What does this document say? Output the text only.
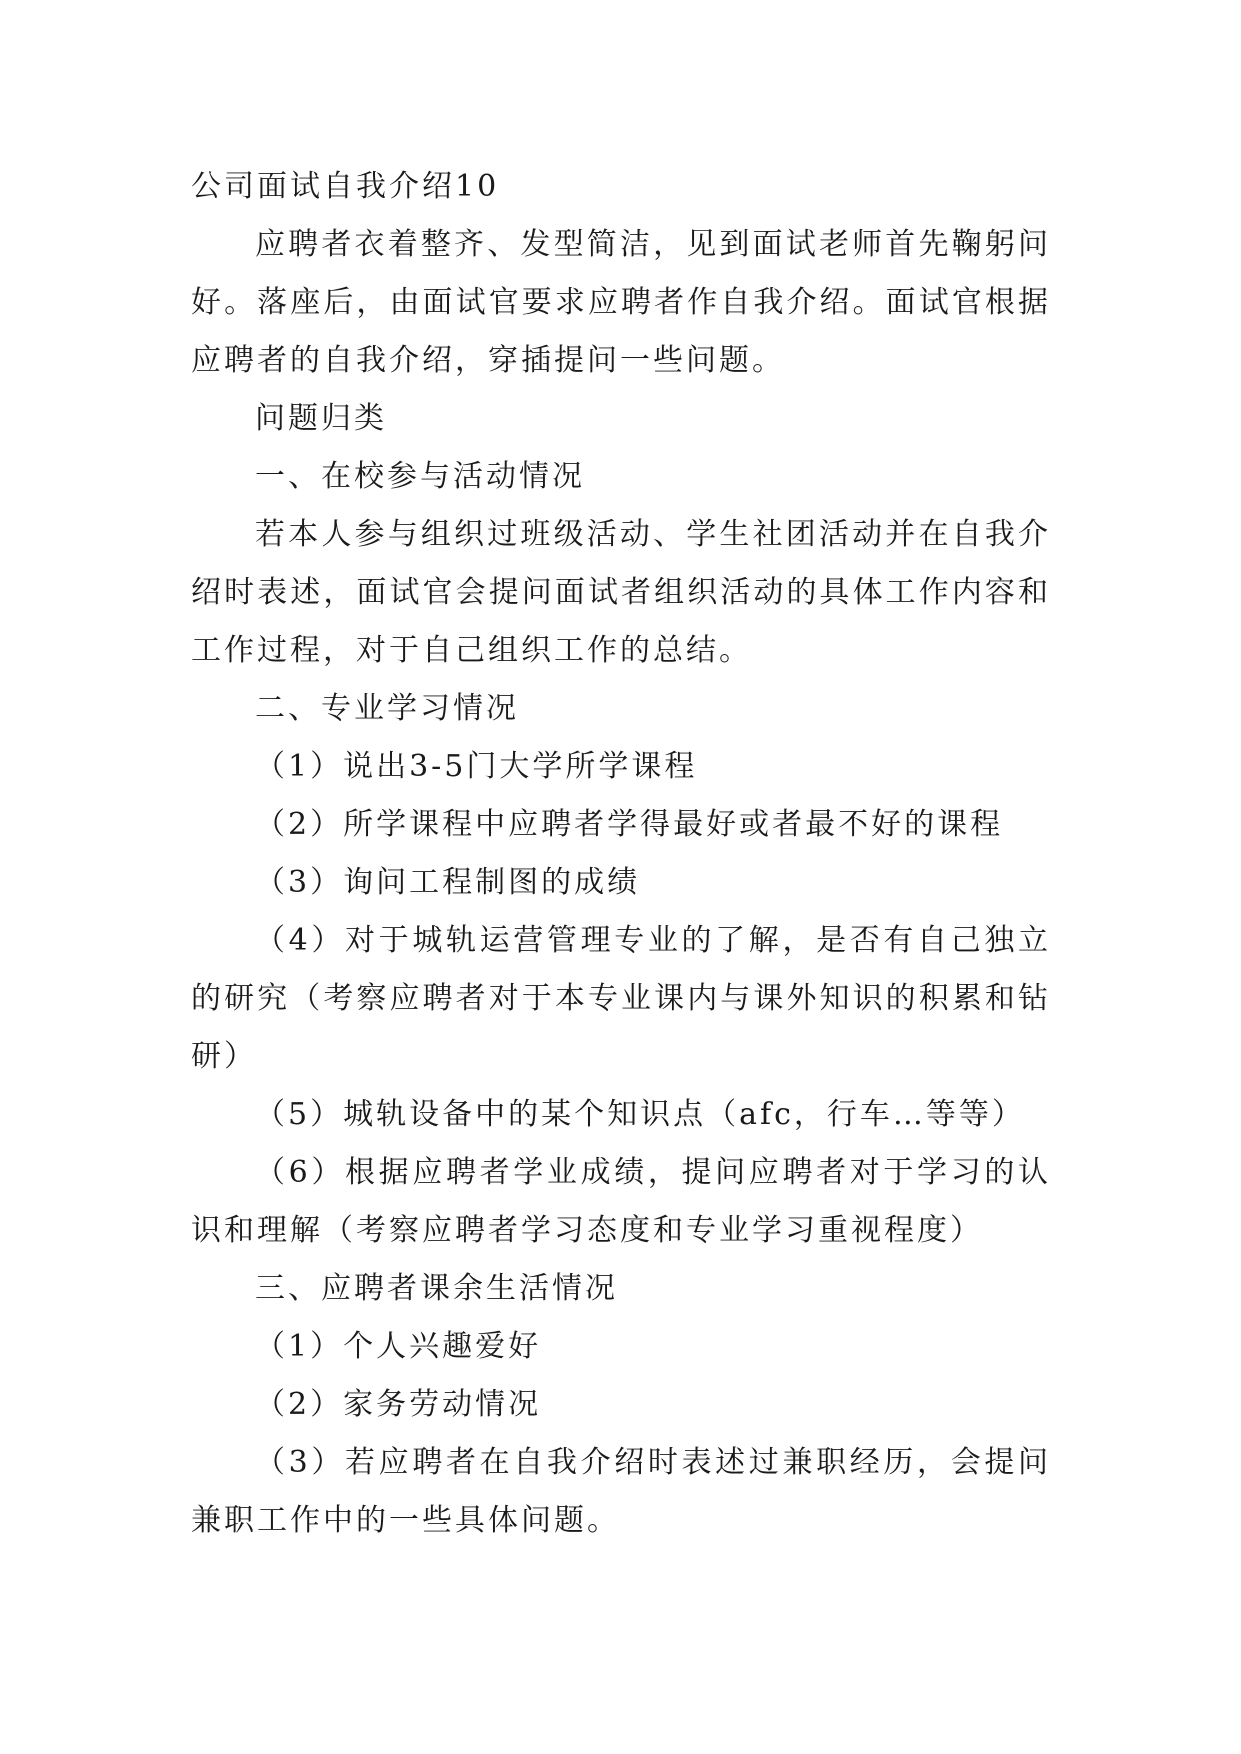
公司面试自我介绍10

应聘者衣着整齐、发型简洁，见到面试老师首先鞠躬问好。落座后，由面试官要求应聘者作自我介绍。面试官根据应聘者的自我介绍，穿插提问一些问题。

问题归类

一、在校参与活动情况

若本人参与组织过班级活动、学生社团活动并在自我介绍时表述，面试官会提问面试者组织活动的具体工作内容和工作过程，对于自己组织工作的总结。

二、专业学习情况

（1）说出3-5门大学所学课程

（2）所学课程中应聘者学得最好或者最不好的课程

（3）询问工程制图的成绩

（4）对于城轨运营管理专业的了解，是否有自己独立的研究（考察应聘者对于本专业课内与课外知识的积累和钻研）

（5）城轨设备中的某个知识点（afc，行车…等等）

（6）根据应聘者学业成绩，提问应聘者对于学习的认识和理解（考察应聘者学习态度和专业学习重视程度）

三、应聘者课余生活情况

（1）个人兴趣爱好

（2）家务劳动情况

（3）若应聘者在自我介绍时表述过兼职经历，会提问兼职工作中的一些具体问题。
